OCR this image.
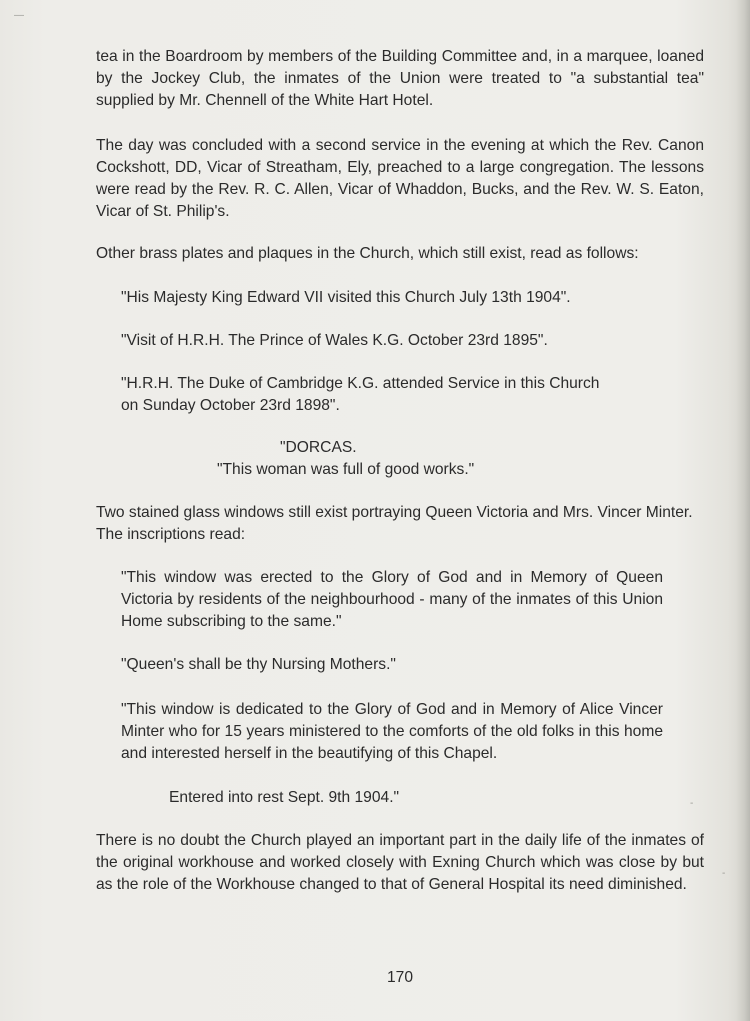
—
-
-

tea in the Boardroom by members of the Building Committee and, in a marquee, loaned by the Jockey Club, the inmates of the Union were treated to "a substantial tea" supplied by Mr. Chennell of the White Hart Hotel.

The day was concluded with a second service in the evening at which the Rev. Canon Cockshott, DD, Vicar of Streatham, Ely, preached to a large congregation. The lessons were read by the Rev. R. C. Allen, Vicar of Whaddon, Bucks, and the Rev. W. S. Eaton, Vicar of St. Philip's.

Other brass plates and plaques in the Church, which still exist, read as follows:

"His Majesty King Edward VII visited this Church July 13th 1904".

"Visit of H.R.H. The Prince of Wales K.G. October 23rd 1895".

"H.R.H. The Duke of Cambridge K.G. attended Service in this Church
on Sunday October 23rd 1898".

"DORCAS.

"This woman was full of good works."

Two stained glass windows still exist portraying Queen Victoria and Mrs. Vincer Minter. The inscriptions read:

"This window was erected to the Glory of God and in Memory of Queen Victoria by residents of the neighbourhood - many of the inmates of this Union Home subscribing to the same."

"Queen's shall be thy Nursing Mothers."

"This window is dedicated to the Glory of God and in Memory of Alice Vincer Minter who for 15 years ministered to the comforts of the old folks in this home and interested herself in the beautifying of this Chapel.

Entered into rest Sept. 9th 1904."

There is no doubt the Church played an important part in the daily life of the inmates of the original workhouse and worked closely with Exning Church which was close by but as the role of the Workhouse changed to that of General Hospital its need diminished.

170
